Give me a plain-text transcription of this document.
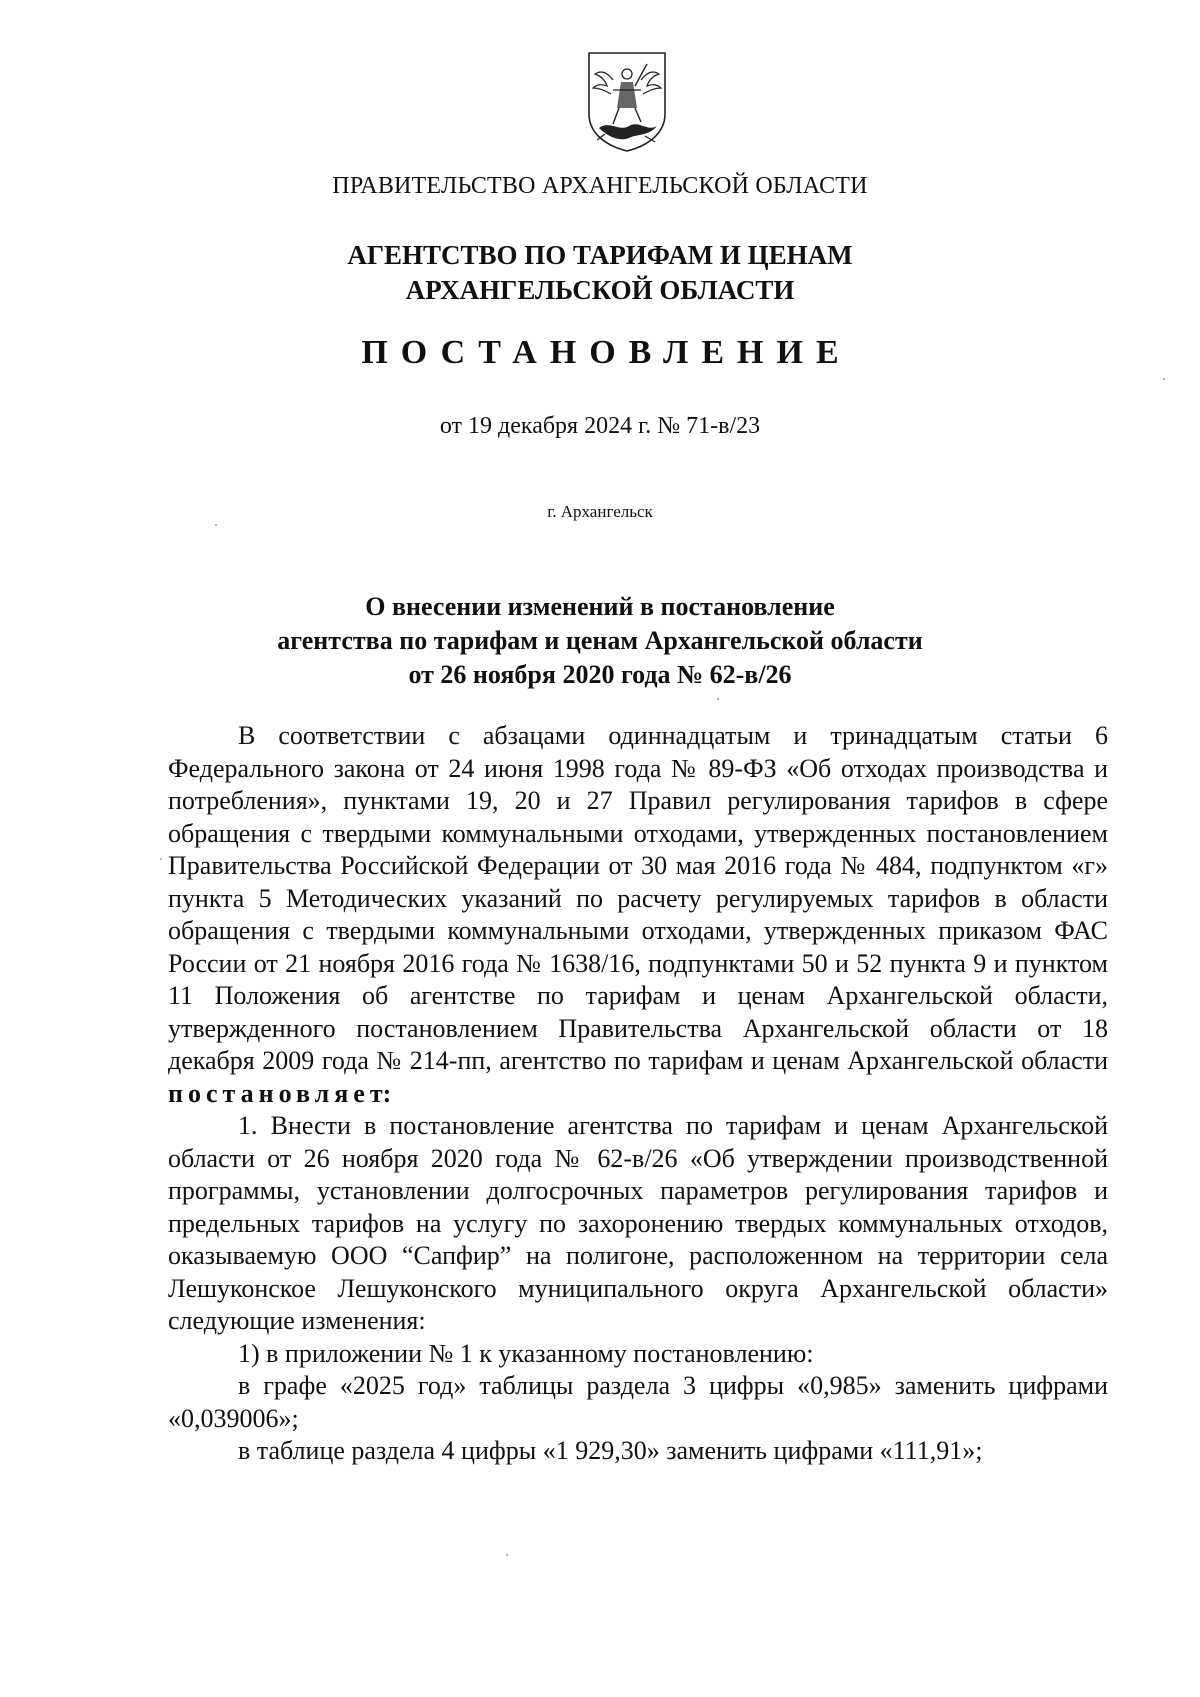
ПРАВИТЕЛЬСТВО АРХАНГЕЛЬСКОЙ ОБЛАСТИ
АГЕНТСТВО ПО ТАРИФАМ И ЦЕНАМ
АРХАНГЕЛЬСКОЙ ОБЛАСТИ
ПОСТАНОВЛЕНИЕ
от 19 декабря 2024 г. № 71-в/23
г. Архангельск
О внесении изменений в постановление
агентства по тарифам и ценам Архангельской области
от 26 ноября 2020 года № 62-в/26

В соответствии с абзацами одиннадцатым и тринадцатым статьи 6 Федерального закона от 24 июня 1998 года № 89-ФЗ «Об отходах производства и потребления», пунктами 19, 20 и 27 Правил регулирования тарифов в сфере обращения с твердыми коммунальными отходами, утвержденных постановлением Правительства Российской Федерации от 30 мая 2016 года № 484, подпунктом «г» пункта 5 Методических указаний по расчету регулируемых тарифов в области обращения с твердыми коммунальными отходами, утвержденных приказом ФАС России от 21 ноября 2016 года № 1638/16, подпунктами 50 и 52 пункта 9 и пунктом 11 Положения об агентстве по тарифам и ценам Архангельской области, утвержденного постановлением Правительства Архангельской области от 18 декабря 2009 года № 214-пп, агентство по тарифам и ценам Архангельской области постановляет:

1. Внести в постановление агентства по тарифам и ценам Архангельской области от 26 ноября 2020 года № 62-в/26 «Об утверждении производственной программы, установлении долгосрочных параметров регулирования тарифов и предельных тарифов на услугу по захоронению твердых коммунальных отходов, оказываемую ООО “Сапфир” на полигоне, расположенном на территории села Лешуконское Лешуконского муниципального округа Архангельской области» следующие изменения:

1) в приложении № 1 к указанному постановлению:

в графе «2025 год» таблицы раздела 3 цифры «0,985» заменить цифрами «0,039006»;

в таблице раздела 4 цифры «1 929,30» заменить цифрами «111,91»;
